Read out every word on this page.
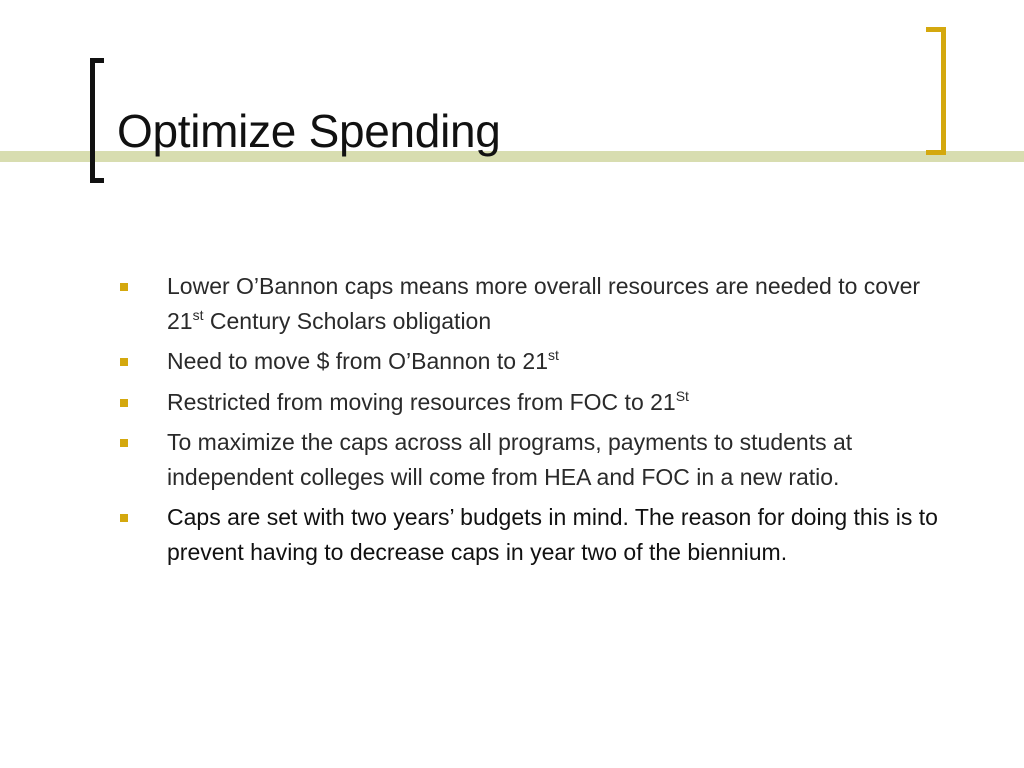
Optimize Spending
Lower O’Bannon caps means more overall resources are needed to cover 21st Century Scholars obligation
Need to move $ from O’Bannon to 21st
Restricted from moving resources from FOC to 21St
To maximize the caps across all programs, payments to students at independent colleges will come from HEA and FOC in a new ratio.
Caps are set with two years’ budgets in mind. The reason for doing this is to prevent having to decrease caps in year two of the biennium.
